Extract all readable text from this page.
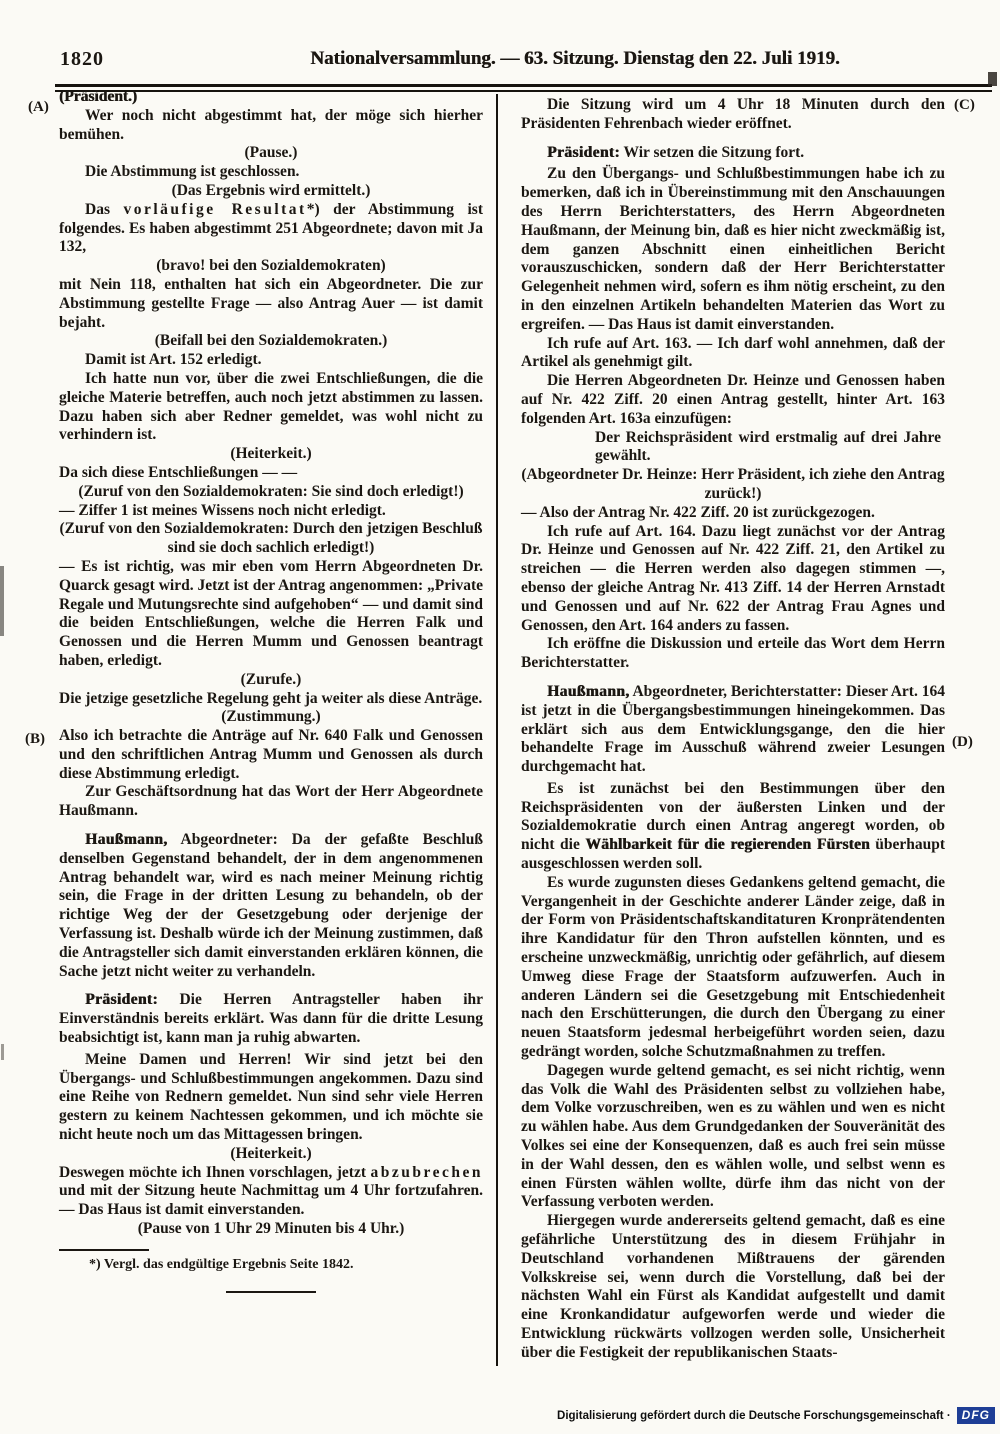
1820	Nationalversammlung. — 63. Sitzung. Dienstag den 22. Juli 1919.
(A)
(B)
(C)
(D)

(Präsident.)

Wer noch nicht abgestimmt hat, der möge sich hierher bemühen.

(Pause.)

Die Abstimmung ist geschlossen.

(Das Ergebnis wird ermittelt.)

Das vorläufige Resultat*) der Abstimmung ist folgendes. Es haben abgestimmt 251 Abgeordnete; davon mit Ja 132,

(bravo! bei den Sozialdemokraten)

mit Nein 118, enthalten hat sich ein Abgeordneter. Die zur Abstimmung gestellte Frage — also Antrag Auer — ist damit bejaht.

(Beifall bei den Sozialdemokraten.)

Damit ist Art. 152 erledigt.

Ich hatte nun vor, über die zwei Entschließungen, die die gleiche Materie betreffen, auch noch jetzt abstimmen zu lassen. Dazu haben sich aber Redner gemeldet, was wohl nicht zu verhindern ist.

(Heiterkeit.)

Da sich diese Entschließungen — —

(Zuruf von den Sozialdemokraten: Sie sind doch erledigt!)

— Ziffer 1 ist meines Wissens noch nicht erledigt.

(Zuruf von den Sozialdemokraten: Durch den jetzigen Beschluß sind sie doch sachlich erledigt!)

— Es ist richtig, was mir eben vom Herrn Abgeordneten Dr. Quarck gesagt wird. Jetzt ist der Antrag angenommen: „Private Regale und Mutungsrechte sind aufgehoben“ — und damit sind die beiden Entschließungen, welche die Herren Falk und Genossen und die Herren Mumm und Genossen beantragt haben, erledigt.

(Zurufe.)

Die jetzige gesetzliche Regelung geht ja weiter als diese Anträge.

(Zustimmung.)

Also ich betrachte die Anträge auf Nr. 640 Falk und Genossen und den schriftlichen Antrag Mumm und Genossen als durch diese Abstimmung erledigt.

Zur Geschäftsordnung hat das Wort der Herr Abgeordnete Haußmann.

Haußmann, Abgeordneter: Da der gefaßte Beschluß denselben Gegenstand behandelt, der in dem angenommenen Antrag behandelt war, wird es nach meiner Meinung richtig sein, die Frage in der dritten Lesung zu behandeln, ob der richtige Weg der der Gesetzgebung oder derjenige der Verfassung ist. Deshalb würde ich der Meinung zustimmen, daß die Antragsteller sich damit einverstanden erklären können, die Sache jetzt nicht weiter zu verhandeln.

Präsident: Die Herren Antragsteller haben ihr Einverständnis bereits erklärt. Was dann für die dritte Lesung beabsichtigt ist, kann man ja ruhig abwarten.

Meine Damen und Herren! Wir sind jetzt bei den Übergangs- und Schlußbestimmungen angekommen. Dazu sind eine Reihe von Rednern gemeldet. Nun sind sehr viele Herren gestern zu keinem Nachtessen gekommen, und ich möchte sie nicht heute noch um das Mittagessen bringen.

(Heiterkeit.)

Deswegen möchte ich Ihnen vorschlagen, jetzt abzubrechen und mit der Sitzung heute Nachmittag um 4 Uhr fortzufahren. — Das Haus ist damit einverstanden.

(Pause von 1 Uhr 29 Minuten bis 4 Uhr.)

*) Vergl. das endgültige Ergebnis Seite 1842.

Die Sitzung wird um 4 Uhr 18 Minuten durch den Präsidenten Fehrenbach wieder eröffnet.

Präsident: Wir setzen die Sitzung fort.

Zu den Übergangs- und Schlußbestimmungen habe ich zu bemerken, daß ich in Übereinstimmung mit den Anschauungen des Herrn Berichterstatters, des Herrn Abgeordneten Haußmann, der Meinung bin, daß es hier nicht zweckmäßig ist, dem ganzen Abschnitt einen einheitlichen Bericht vorauszuschicken, sondern daß der Herr Berichterstatter Gelegenheit nehmen wird, sofern es ihm nötig erscheint, zu den in den einzelnen Artikeln behandelten Materien das Wort zu ergreifen. — Das Haus ist damit einverstanden.

Ich rufe auf Art. 163. — Ich darf wohl annehmen, daß der Artikel als genehmigt gilt.

Die Herren Abgeordneten Dr. Heinze und Genossen haben auf Nr. 422 Ziff. 20 einen Antrag gestellt, hinter Art. 163 folgenden Art. 163a einzufügen:

Der Reichspräsident wird erstmalig auf drei Jahre gewählt.

(Abgeordneter Dr. Heinze: Herr Präsident, ich ziehe den Antrag zurück!)

— Also der Antrag Nr. 422 Ziff. 20 ist zurückgezogen.

Ich rufe auf Art. 164. Dazu liegt zunächst vor der Antrag Dr. Heinze und Genossen auf Nr. 422 Ziff. 21, den Artikel zu streichen — die Herren werden also dagegen stimmen —, ebenso der gleiche Antrag Nr. 413 Ziff. 14 der Herren Arnstadt und Genossen und auf Nr. 622 der Antrag Frau Agnes und Genossen, den Art. 164 anders zu fassen.

Ich eröffne die Diskussion und erteile das Wort dem Herrn Berichterstatter.

Haußmann, Abgeordneter, Berichterstatter: Dieser Art. 164 ist jetzt in die Übergangsbestimmungen hineingekommen. Das erklärt sich aus dem Entwicklungsgange, den die hier behandelte Frage im Ausschuß während zweier Lesungen durchgemacht hat.

Es ist zunächst bei den Bestimmungen über den Reichspräsidenten von der äußersten Linken und der Sozialdemokratie durch einen Antrag angeregt worden, ob nicht die Wählbarkeit für die regierenden Fürsten überhaupt ausgeschlossen werden soll.

Es wurde zugunsten dieses Gedankens geltend gemacht, die Vergangenheit in der Geschichte anderer Länder zeige, daß in der Form von Präsidentschaftskanditaturen Kronprätendenten ihre Kandidatur für den Thron aufstellen könnten, und es erscheine unzweckmäßig, unrichtig oder gefährlich, auf diesem Umweg diese Frage der Staatsform aufzuwerfen. Auch in anderen Ländern sei die Gesetzgebung mit Entschiedenheit nach den Erschütterungen, die durch den Übergang zu einer neuen Staatsform jedesmal herbeigeführt worden seien, dazu gedrängt worden, solche Schutzmaßnahmen zu treffen.

Dagegen wurde geltend gemacht, es sei nicht richtig, wenn das Volk die Wahl des Präsidenten selbst zu vollziehen habe, dem Volke vorzuschreiben, wen es zu wählen und wen es nicht zu wählen habe. Aus dem Grundgedanken der Souveränität des Volkes sei eine der Konsequenzen, daß es auch frei sein müsse in der Wahl dessen, den es wählen wolle, und selbst wenn es einen Fürsten wählen wollte, dürfe ihm das nicht von der Verfassung verboten werden.

Hiergegen wurde andererseits geltend gemacht, daß es eine gefährliche Unterstützung des in diesem Frühjahr in Deutschland vorhandenen Mißtrauens der gärenden Volkskreise sei, wenn durch die Vorstellung, daß bei der nächsten Wahl ein Fürst als Kandidat aufgestellt und damit eine Kronkandidatur aufgeworfen werde und wieder die Entwicklung rückwärts vollzogen werden solle, Unsicherheit über die Festigkeit der republikanischen Staats-

Digitalisierung gefördert durch die Deutsche Forschungsgemeinschaft · DFG
